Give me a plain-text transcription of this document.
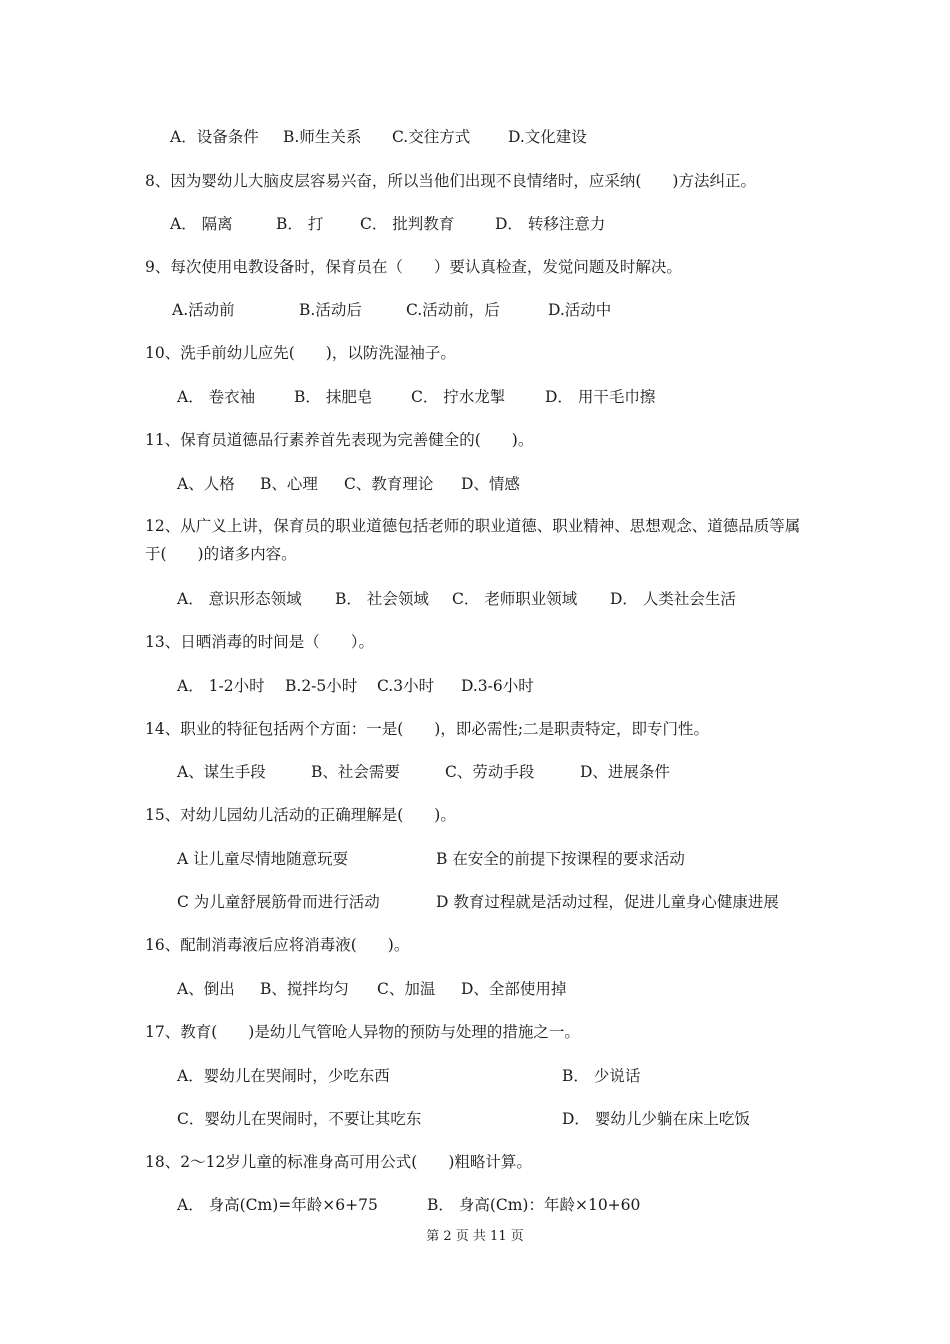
A．设备条件 B.师生关系 C.交往方式 D.文化建设
8、因为婴幼儿大脑皮层容易兴奋，所以当他们出现不良情绪时，应采纳(　　)方法纠正。
A． 隔离	B． 打 C． 批判教育	D． 转移注意力
9、每次使用电教设备时，保育员在（　　）要认真检查，发觉问题及时解决。
A.活动前	B.活动后	C.活动前，后	D.活动中
10、洗手前幼儿应先(　　)，以防洗湿袖子。
A． 卷衣袖	B． 抹肥皂 C． 拧水龙掣	D． 用干毛巾擦
11、保育员道德品行素养首先表现为完善健全的(　　)。
A、人格 B、心理 C、教育理论 D、情感
12、从广义上讲，保育员的职业道德包括老师的职业道德、职业精神、思想观念、道德品质等属于(　　)的诸多内容。
A． 意识形态领域 B． 社会领域 C． 老师职业领域 D． 人类社会生活
13、日晒消毒的时间是（　　）。
A． 1-2小时 B.2-5小时 C.3小时 D.3-6小时
14、职业的特征包括两个方面：一是(　　)，即必需性;二是职责特定，即专门性。
A、谋生手段	B、社会需要	C、劳动手段	D、进展条件
15、对幼儿园幼儿活动的正确理解是(　　)。
A 让儿童尽情地随意玩耍	B 在安全的前提下按课程的要求活动
C 为儿童舒展筋骨而进行活动	D 教育过程就是活动过程，促进儿童身心健康进展
16、配制消毒液后应将消毒液(　　)。
A、倒出 B、搅拌均匀 C、加温 D、全部使用掉
17、教育(　　)是幼儿气管呛人异物的预防与处理的措施之一。
A．婴幼儿在哭闹时，少吃东西	B． 少说话
C．婴幼儿在哭闹时，不要让其吃东	D． 婴幼儿少躺在床上吃饭
18、2～12岁儿童的标准身高可用公式(　　)粗略计算。
A． 身高(Cm)=年龄×6+75	B． 身高(Cm)：年龄×10+60
第 2 页 共 11 页
